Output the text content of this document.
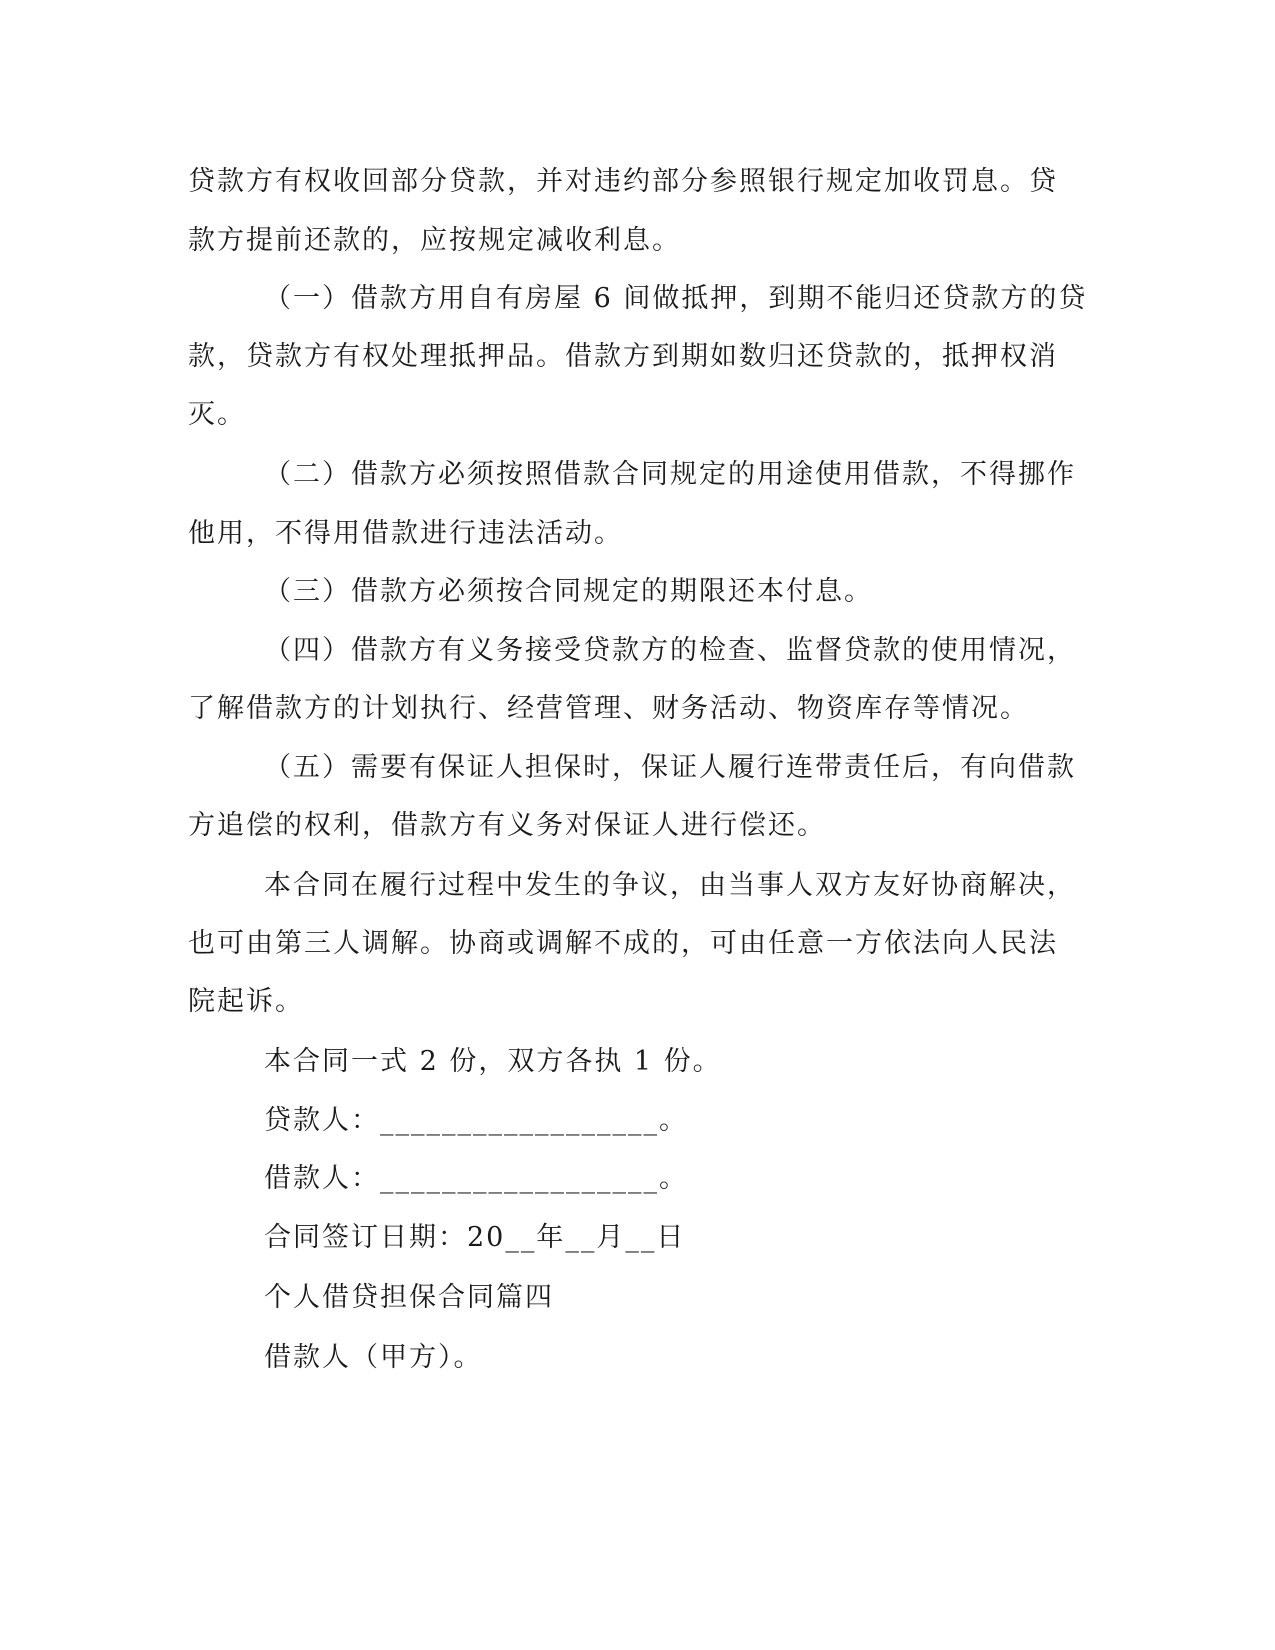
贷款方有权收回部分贷款，并对违约部分参照银行规定加收罚息。贷
款方提前还款的，应按规定减收利息。
（一）借款方用自有房屋 6 间做抵押，到期不能归还贷款方的贷
款，贷款方有权处理抵押品。借款方到期如数归还贷款的，抵押权消
灭。
（二）借款方必须按照借款合同规定的用途使用借款，不得挪作
他用，不得用借款进行违法活动。
（三）借款方必须按合同规定的期限还本付息。
（四）借款方有义务接受贷款方的检查、监督贷款的使用情况，
了解借款方的计划执行、经营管理、财务活动、物资库存等情况。
（五）需要有保证人担保时，保证人履行连带责任后，有向借款
方追偿的权利，借款方有义务对保证人进行偿还。
本合同在履行过程中发生的争议，由当事人双方友好协商解决，
也可由第三人调解。协商或调解不成的，可由任意一方依法向人民法
院起诉。
本合同一式 2 份，双方各执 1 份。
贷款人：__________________。
借款人：__________________。
合同签订日期：20__年__月__日
个人借贷担保合同篇四
借款人（甲方）。
